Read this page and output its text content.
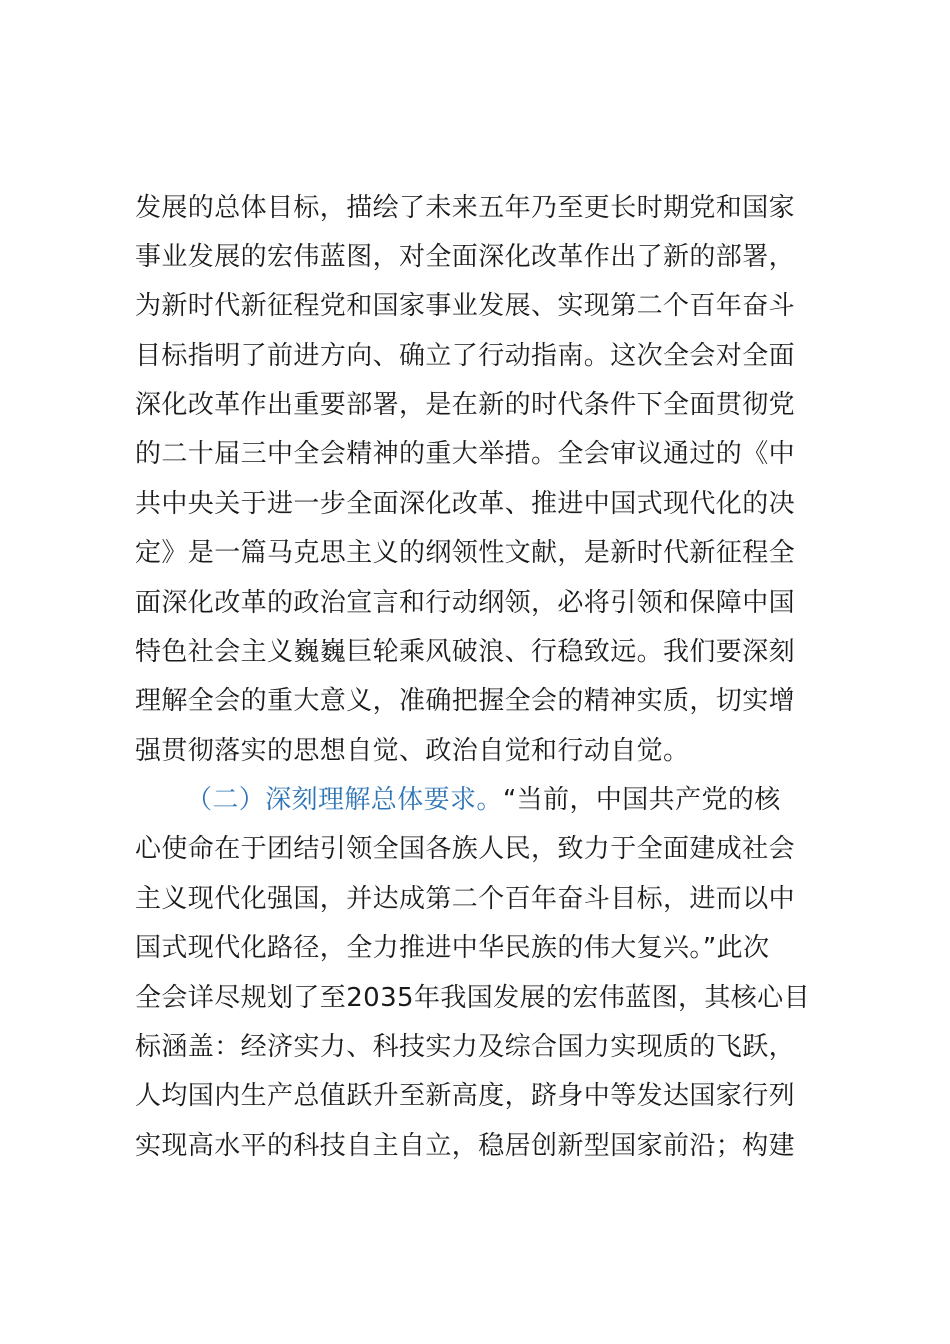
发展的总体目标，描绘了未来五年乃至更长时期党和国家
事业发展的宏伟蓝图，对全面深化改革作出了新的部署，
为新时代新征程党和国家事业发展、实现第二个百年奋斗
目标指明了前进方向、确立了行动指南。这次全会对全面
深化改革作出重要部署，是在新的时代条件下全面贯彻党
的二十届三中全会精神的重大举措。全会审议通过的《中
共中央关于进一步全面深化改革、推进中国式现代化的决
定》是一篇马克思主义的纲领性文献，是新时代新征程全
面深化改革的政治宣言和行动纲领，必将引领和保障中国
特色社会主义巍巍巨轮乘风破浪、行稳致远。我们要深刻
理解全会的重大意义，准确把握全会的精神实质，切实增
强贯彻落实的思想自觉、政治自觉和行动自觉。
（二）深刻理解总体要求。“当前，中国共产党的核
心使命在于团结引领全国各族人民，致力于全面建成社会
主义现代化强国，并达成第二个百年奋斗目标，进而以中
国式现代化路径，全力推进中华民族的伟大复兴。”此次
全会详尽规划了至2035年我国发展的宏伟蓝图，其核心目
标涵盖：经济实力、科技实力及综合国力实现质的飞跃，
人均国内生产总值跃升至新高度，跻身中等发达国家行列
实现高水平的科技自主自立，稳居创新型国家前沿；构建
